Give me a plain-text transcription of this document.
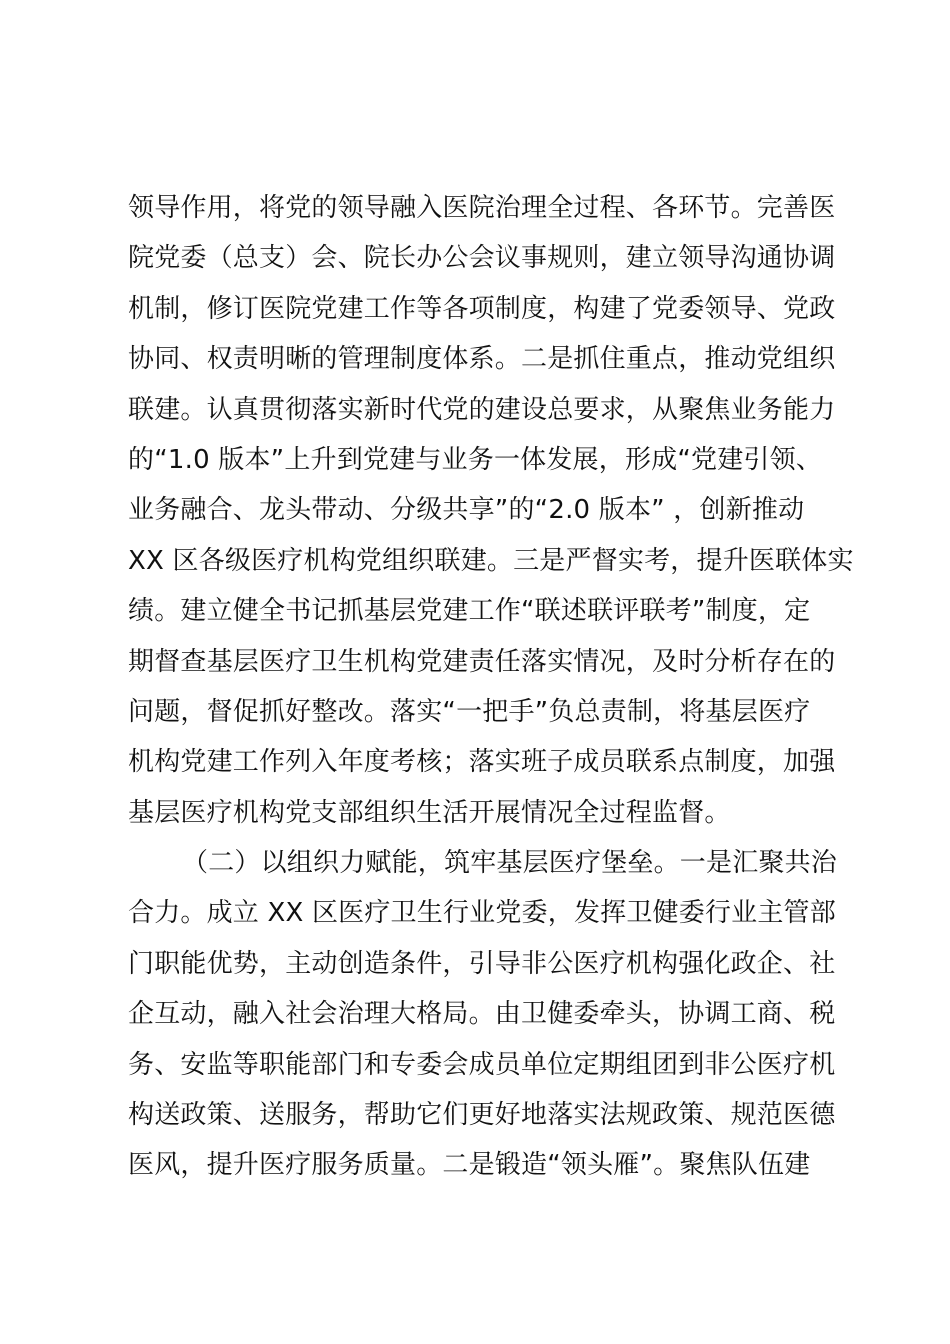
领导作用，将党的领导融入医院治理全过程、各环节。完善医
院党委（总支）会、院长办公会议事规则，建立领导沟通协调
机制，修订医院党建工作等各项制度，构建了党委领导、党政
协同、权责明晰的管理制度体系。二是抓住重点，推动党组织
联建。认真贯彻落实新时代党的建设总要求，从聚焦业务能力
的“1.0 版本”上升到党建与业务一体发展，形成“党建引领、
业务融合、龙头带动、分级共享”的“2.0 版本” ，创新推动
XX 区各级医疗机构党组织联建。三是严督实考，提升医联体实
绩。建立健全书记抓基层党建工作“联述联评联考”制度，定
期督查基层医疗卫生机构党建责任落实情况，及时分析存在的
问题，督促抓好整改。落实“一把手”负总责制，将基层医疗
机构党建工作列入年度考核；落实班子成员联系点制度，加强
基层医疗机构党支部组织生活开展情况全过程监督。
（二）以组织力赋能，筑牢基层医疗堡垒。一是汇聚共治
合力。成立 XX 区医疗卫生行业党委，发挥卫健委行业主管部
门职能优势，主动创造条件，引导非公医疗机构强化政企、社
企互动，融入社会治理大格局。由卫健委牵头，协调工商、税
务、安监等职能部门和专委会成员单位定期组团到非公医疗机
构送政策、送服务，帮助它们更好地落实法规政策、规范医德
医风，提升医疗服务质量。二是锻造“领头雁”。聚焦队伍建
